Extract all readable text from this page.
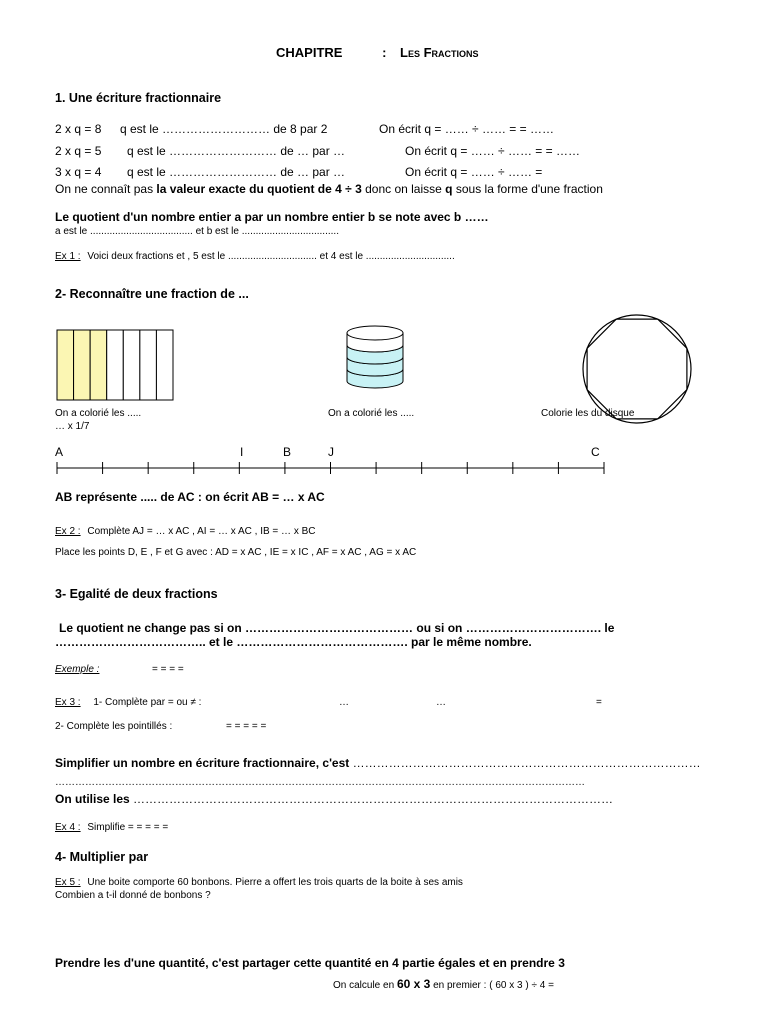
CHAPITRE	: Les Fractions
1. Une écriture fractionnaire
2 x q = 8 q est le ……………………… de 8 par 2	On écrit q = …… ÷ …… = = ……
2 x q = 5 q est le ……………………… de … par …	On écrit q = …… ÷ …… = = ……
3 x q = 4 q est le ……………………… de … par …	On écrit q = …… ÷ …… =
On ne connaît pas la valeur exacte du quotient de 4 ÷ 3 donc on laisse q sous la forme d'une fraction
Le quotient d'un nombre entier a par un nombre entier b se note avec b ……
a est le ..................................... et b est le ...................................
Ex 1 : Voici deux fractions et , 5 est le ................................ et 4 est le ................................
2- Reconnaître une fraction de ...
On a colorié les .....
… x 1/7
On a colorié les .....	Colorie les du disque
A	I	B	J	C
AB représente ..... de AC : on écrit AB = … x AC
Ex 2 : Complète AJ = … x AC , AI = … x AC , IB = … x BC
Place les points D, E , F et G avec : AD = x AC , IE = x IC , AF = x AC , AG = x AC
3- Egalité de deux fractions
Le quotient ne change pas si on …………………………………… ou si on ……………………………. le
……………………………….. et le ……………………………………. par le même nombre.
Exemple :	= = = =
Ex 3 : 1- Complète par = ou ≠ :	…	…	=
2- Complète les pointillés :	= = = = =
Simplifier un nombre en écriture fractionnaire, c'est ……………………………………………………………………………
……………………………………………………………………………………………………………………………………………
On utilise les …………………………………………………………………………………………………………
Ex 4 : Simplifie = = = = =
4- Multiplier par
Ex 5 : Une boite comporte 60 bonbons. Pierre a offert les trois quarts de la boite à ses amis
Combien a t-il donné de bonbons ?
Prendre les d'une quantité, c'est partager cette quantité en 4 partie égales et en prendre 3
On calcule en 60 x 3 en premier : ( 60 x 3 ) ÷ 4 =
